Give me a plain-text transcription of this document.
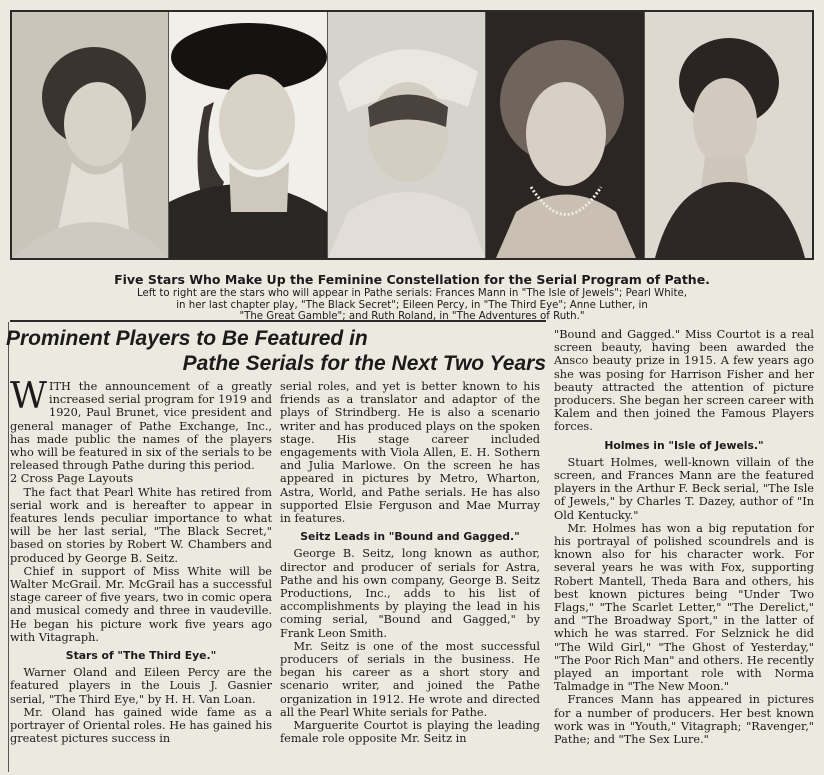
Five Stars Who Make Up the Feminine Constellation for the Serial Program of Pathe.
Left to right are the stars who will appear in Pathe serials: Frances Mann in "The Isle of Jewels"; Pearl White,
in her last chapter play, "The Black Secret"; Eileen Percy, in "The Third Eye"; Anne Luther, in
"The Great Gamble"; and Ruth Roland, in "The Adventures of Ruth."
Prominent Players to Be Featured in
Pathe Serials for the Next Two Years

WITH the announcement of a greatly increased serial program for 1919 and 1920, Paul Brunet, vice president and general manager of Pathe Exchange, Inc., has made public the names of the players who will be featured in six of the serials to be released through Pathe during this period.

2 Cross Page Layouts

The fact that Pearl White has retired from serial work and is hereafter to appear in features lends peculiar importance to what will be her last serial, "The Black Secret," based on stories by Robert W. Chambers and produced by George B. Seitz.

Chief in support of Miss White will be Walter McGrail. Mr. McGrail has a successful stage career of five years, two in comic opera and musical comedy and three in vaudeville. He began his picture work five years ago with Vitagraph.

Stars of "The Third Eye."

Warner Oland and Eileen Percy are the featured players in the Louis J. Gasnier serial, "The Third Eye," by H. H. Van Loan.

Mr. Oland has gained wide fame as a portrayer of Oriental roles. He has gained his greatest pictures success in

serial roles, and yet is better known to his friends as a translator and adaptor of the plays of Strindberg. He is also a scenario writer and has produced plays on the spoken stage. His stage career included engagements with Viola Allen, E. H. Sothern and Julia Marlowe. On the screen he has appeared in pictures by Metro, Wharton, Astra, World, and Pathe serials. He has also supported Elsie Ferguson and Mae Murray in features.

Seitz Leads in "Bound and Gagged."

George B. Seitz, long known as author, director and producer of serials for Astra, Pathe and his own company, George B. Seitz Productions, Inc., adds to his list of accomplishments by playing the lead in his coming serial, "Bound and Gagged," by Frank Leon Smith.

Mr. Seitz is one of the most successful producers of serials in the business. He began his career as a short story and scenario writer, and joined the Pathe organization in 1912. He wrote and directed all the Pearl White serials for Pathe.

Marguerite Courtot is playing the leading female role opposite Mr. Seitz in

"Bound and Gagged." Miss Courtot is a real screen beauty, having been awarded the Ansco beauty prize in 1915. A few years ago she was posing for Harrison Fisher and her beauty attracted the attention of picture producers. She began her screen career with Kalem and then joined the Famous Players forces.

Holmes in "Isle of Jewels."

Stuart Holmes, well-known villain of the screen, and Frances Mann are the featured players in the Arthur F. Beck serial, "The Isle of Jewels," by Charles T. Dazey, author of "In Old Kentucky."

Mr. Holmes has won a big reputation for his portrayal of polished scoundrels and is known also for his character work. For several years he was with Fox, supporting Robert Mantell, Theda Bara and others, his best known pictures being "Under Two Flags," "The Scarlet Letter," "The Derelict," and "The Broadway Sport," in the latter of which he was starred. For Selznick he did "The Wild Girl," "The Ghost of Yesterday," "The Poor Rich Man" and others. He recently played an important role with Norma Talmadge in "The New Moon."

Frances Mann has appeared in pictures for a number of producers. Her best known work was in "Youth," Vitagraph; "Ravenger," Pathe; and "The Sex Lure."
